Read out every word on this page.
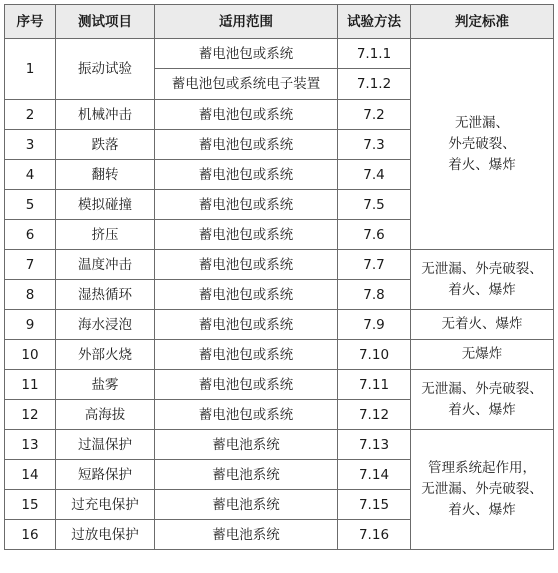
序号	测试项目	适用范围	试验方法	判定标准
1	振动试验	蓄电池包或系统	7.1.1	无泄漏、
外壳破裂、
着火、爆炸

		蓄电池包或系统电子装置	7.1.2	
2	机械冲击	蓄电池包或系统	7.2	
3	跌落	蓄电池包或系统	7.3	
4	翻转	蓄电池包或系统	7.4	
5	模拟碰撞	蓄电池包或系统	7.5	
6	挤压	蓄电池包或系统	7.6	
7	温度冲击	蓄电池包或系统	7.7	无泄漏、外壳破裂、
着火、爆炸

8	湿热循环	蓄电池包或系统	7.8	
9	海水浸泡	蓄电池包或系统	7.9	无着火、爆炸

10	外部火烧	蓄电池包或系统	7.10	无爆炸

11	盐雾	蓄电池包或系统	7.11	无泄漏、外壳破裂、
着火、爆炸

12	高海拔	蓄电池包或系统	7.12	
13	过温保护	蓄电池系统	7.13	管理系统起作用，
无泄漏、外壳破裂、
着火、爆炸

14	短路保护	蓄电池系统	7.14	
15	过充电保护	蓄电池系统	7.15	
16	过放电保护	蓄电池系统	7.16	
